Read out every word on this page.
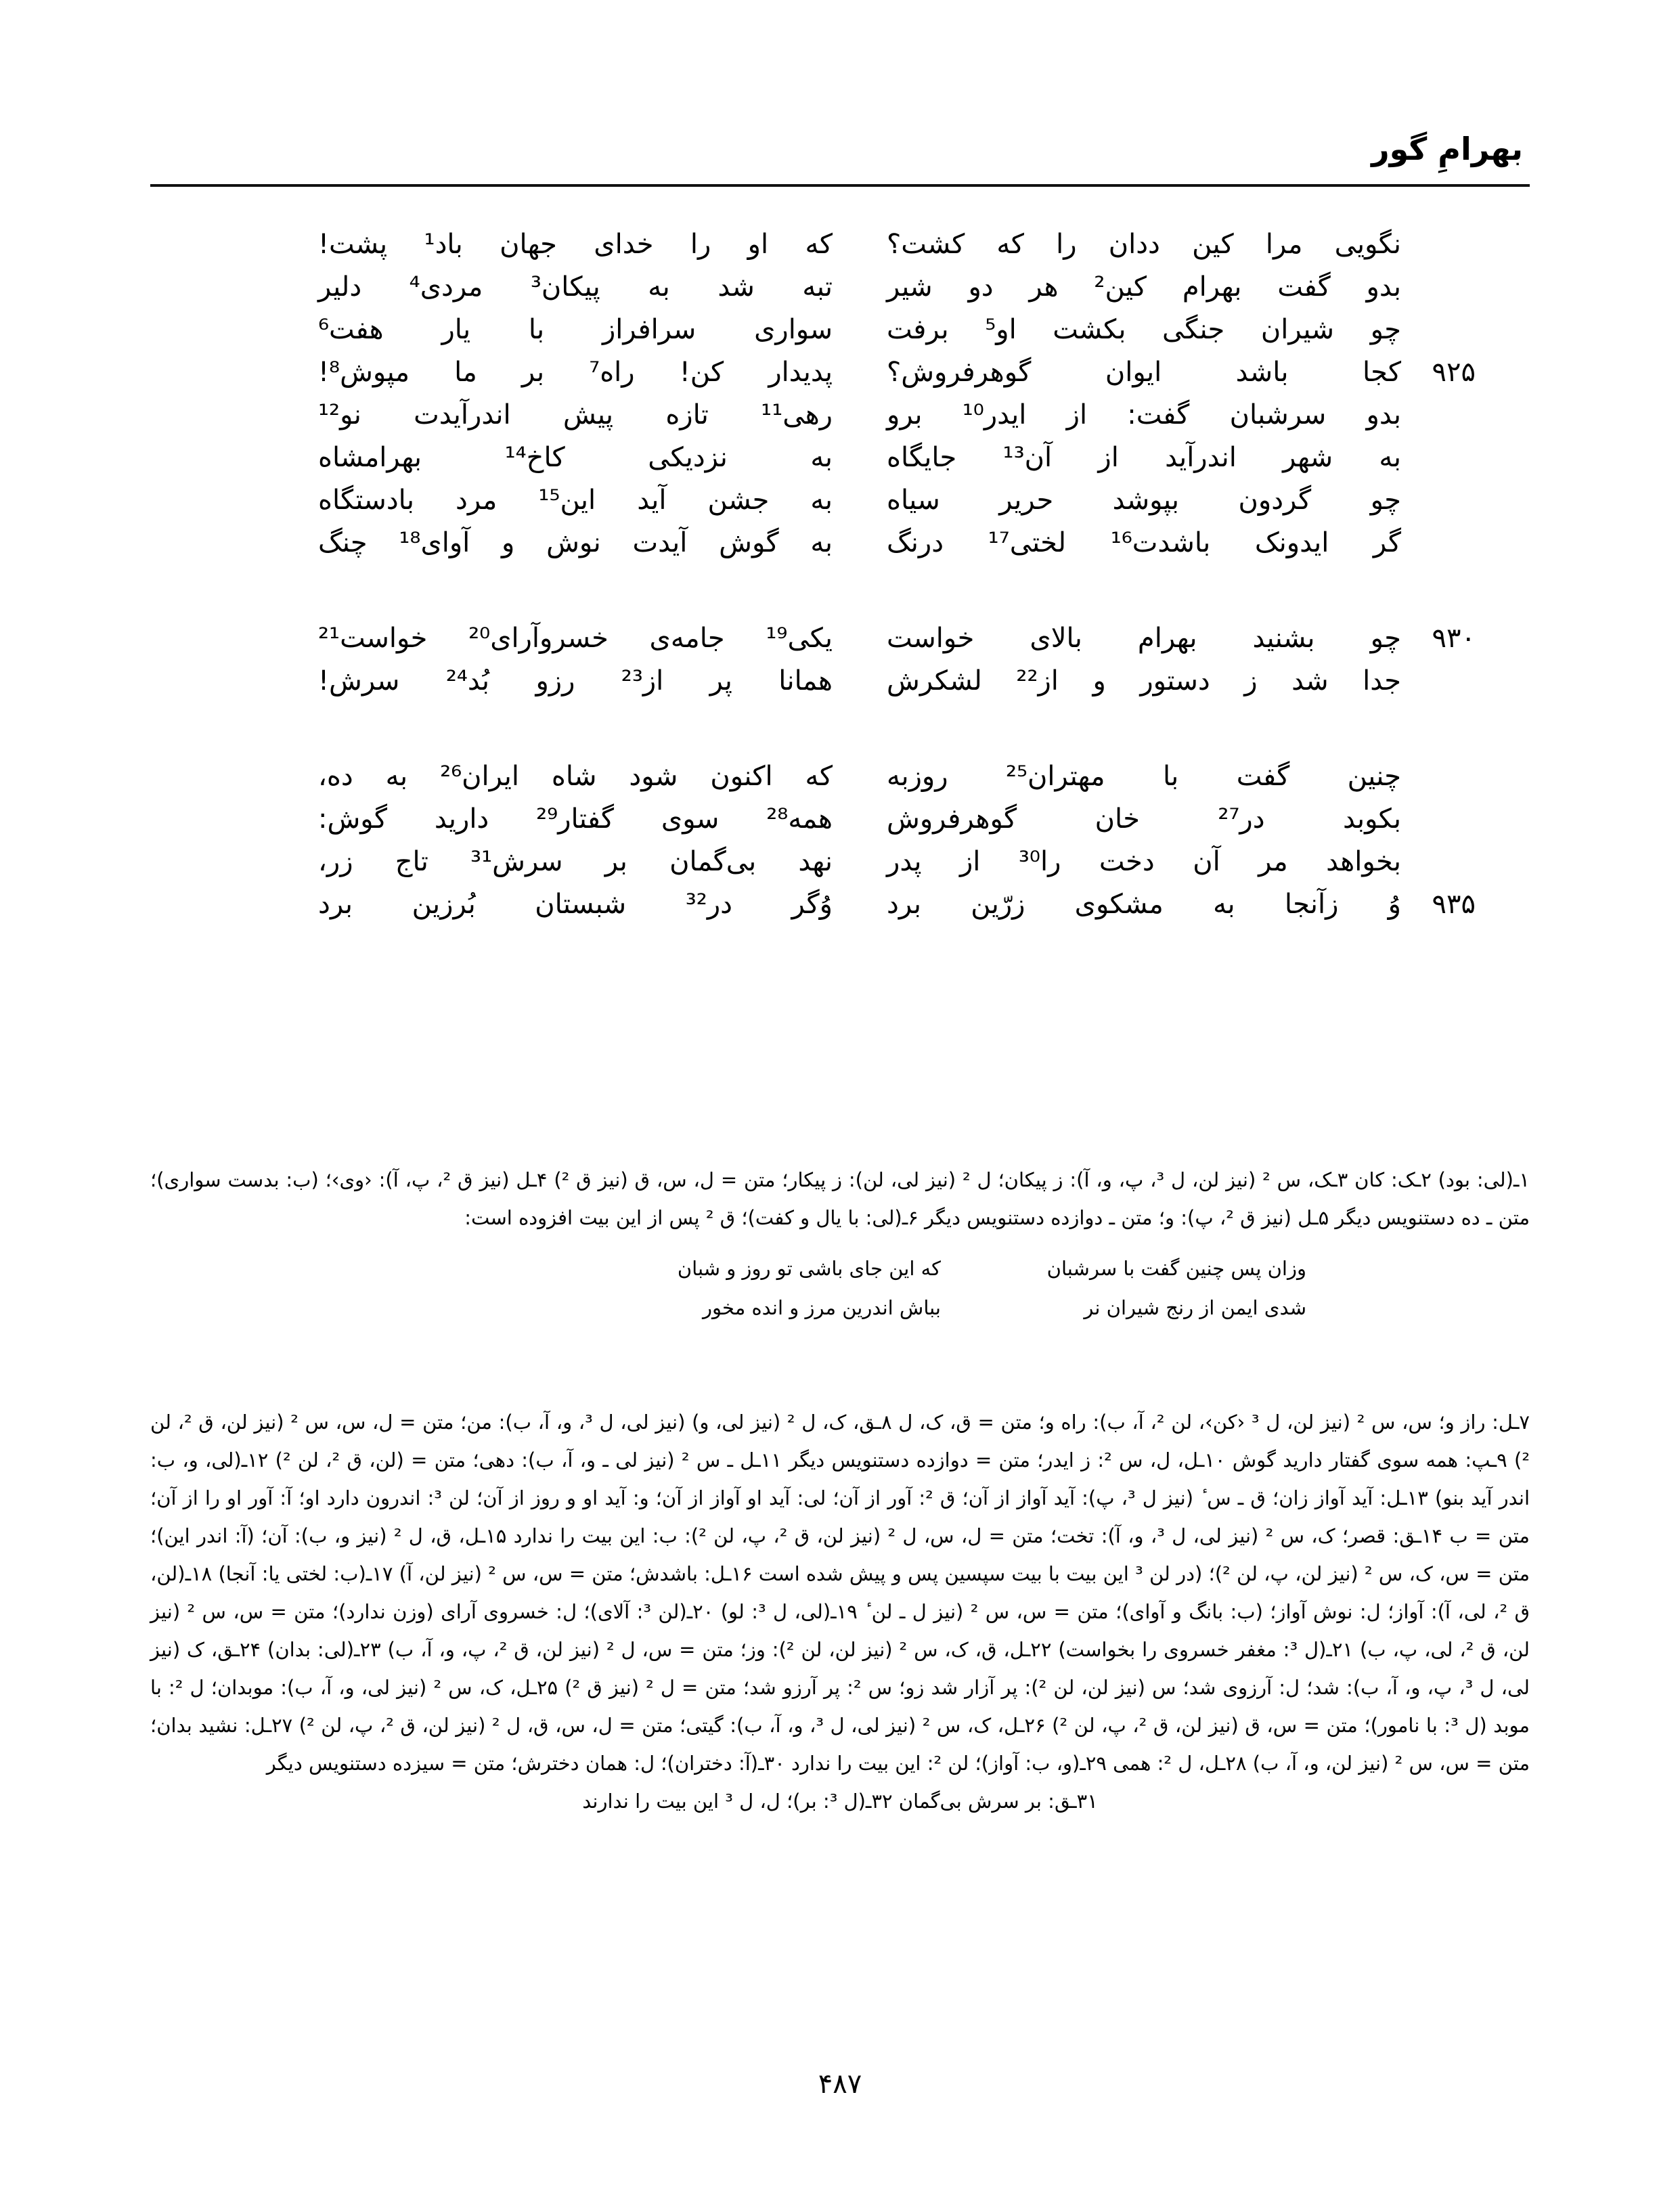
بهرامِ گور
نگویی مرا کین ددان را که کشت؟
که او را خدای جهان باد¹ پشت!
بدو گفت بهرام کین² هر دو شیر
تبه شد به پیکان³ مردی⁴ دلیر
چو شیران جنگی بکشت او⁵ برفت
سواری سرافراز با یار هفت⁶
۹۲۵
کجا باشد ایوان گوهرفروش؟
پدیدار کن! راه⁷ بر ما مپوش⁸!
بدو سرشبان گفت: از ایدر¹⁰ برو
رهی¹¹ تازه پیش اندرآیدت نو¹²
به شهر اندرآید از آن¹³ جایگاه
به نزدیکی کاخ¹⁴ بهرامشاه
چو گردون بپوشد حریر سیاه
به جشن آید این¹⁵ مرد بادستگاه
گر ایدونک باشدت¹⁶ لختی¹⁷ درنگ
به گوش آیدت نوش و آوای¹⁸ چنگ
۹۳۰
چو بشنید بهرام بالای خواست
یکی¹⁹ جامه‌ی خسروآرای²⁰ خواست²¹
جدا شد ز دستور و از²² لشکرش
همانا پر از²³ رزو بُد²⁴ سرش!
چنین گفت با مهتران²⁵ روزبه
که اکنون شود شاه ایران²⁶ به ده،
بکوبد در²⁷ خان گوهرفروش
همه²⁸ سوی گفتار²⁹ دارید گوش:
بخواهد مر آن دخت را³⁰ از پدر
نهد بی‌گمان بر سرش³¹ تاج زر،
۹۳۵
وُ زآنجا به مشکوی زرّین برد
وُگر در³² شبستان بُرزین برد
۱ـ(لی: بود) ۲ـک: کان ۳ـک، س ² (نیز لن، ل ³، پ، و، آ): ز پیکان؛ ل ² (نیز لی، لن): ز پیکار؛ متن = ل، س، ق (نیز ق ²) ۴ـل (نیز ق ²، پ، آ): ‹وی›؛ (ب: بدست سواری)؛ متن ـ ده دستنویس دیگر ۵ـل (نیز ق ²، پ): و؛ متن ـ دوازده دستنویس دیگر ۶ـ(لی: با یال و کفت)؛ ق ² پس از این بیت افزوده است:
وزان پس چنین گفت با سرشبان
که این جای باشی تو روز و شبان
شدی ایمن از رنج شیران نر
بباش اندرین مرز و انده مخور
۷ـل: راز و؛ س، س ² (نیز لن، ل ³ ‹کن›، لن ²، آ، ب): راه و؛ متن = ق، ک، ل ۸ـق، ک، ل ² (نیز لی، و) (نیز لی، ل ³، و، آ، ب): من؛ متن = ل، س، س ² (نیز لن، ق ²، لن ²) ۹ـپ: همه سوی گفتار دارید گوش ۱۰ـل، ل، س ²: ز ایدر؛ متن = دوازده دستنویس دیگر ۱۱ـل ـ س ² (نیز لی ـ و، آ، ب): دهی؛ متن = (لن، ق ²، لن ²) ۱۲ـ(لی، و، ب: اندر آید بنو) ۱۳ـل: آید آواز زان؛ ق ـ س ٔ (نیز ل ³، پ): آید آواز از آن؛ ق ²: آور از آن؛ لی: آید او آواز از آن؛ و: آید او و روز از آن؛ لن ³: اندرون دارد او؛ آ: آور او را از آن؛ متن = ب ۱۴ـق: قصر؛ ک، س ² (نیز لی، ل ³، و، آ): تخت؛ متن = ل، س، ل ² (نیز لن، ق ²، پ، لن ²): ب: این بیت را ندارد ۱۵ـل، ق، ل ² (نیز و، ب): آن؛ (آ: اندر این)؛ متن = س، ک، س ² (نیز لن، پ، لن ²)؛ (در لن ³ این بیت با بیت سپسین پس و پیش شده است ۱۶ـل: باشدش؛ متن = س، س ² (نیز لن، آ) ۱۷ـ(ب: لختی یا: آنجا) ۱۸ـ(لن، ق ²، لی، آ): آواز؛ ل: نوش آواز؛ (ب: بانگ و آوای)؛ متن = س، س ² (نیز ل ـ لن ٔ ۱۹ـ(لی، ل ³: لو) ۲۰ـ(لن ³: آلای)؛ ل: خسروی آرای (وزن ندارد)؛ متن = س، س ² (نیز لن، ق ²، لی، پ، ب) ۲۱ـ(ل ³: مغفر خسروی را بخواست) ۲۲ـل، ق، ک، س ² (نیز لن، لن ²): وز؛ متن = س، ل ² (نیز لن، ق ²، پ، و، آ، ب) ۲۳ـ(لی: بدان) ۲۴ـق، ک (نیز لی، ل ³، پ، و، آ، ب): شد؛ ل: آرزوی شد؛ س (نیز لن، لن ²): پر آزار شد زو؛ س ²: پر آرزو شد؛ متن = ل ² (نیز ق ²) ۲۵ـل، ک، س ² (نیز لی، و، آ، ب): موبدان؛ ل ²: با موبد (ل ³: با نامور)؛ متن = س، ق (نیز لن، ق ²، پ، لن ²) ۲۶ـل، ک، س ² (نیز لی، ل ³، و، آ، ب): گیتی؛ متن = ل، س، ق، ل ² (نیز لن، ق ²، پ، لن ²) ۲۷ـل: نشید بدان؛ متن = س، س ² (نیز لن، و، آ، ب) ۲۸ـل، ل ²: همی ۲۹ـ(و، ب: آواز)؛ لن ²: این بیت را ندارد ۳۰ـ(آ: دختران)؛ ل: همان دخترش؛ متن = سیزده دستنویس دیگر
۳۱ـق: بر سرش بی‌گمان ۳۲ـ(ل ³: بر)؛ ل، ل ³ این بیت را ندارند
۴۸۷
